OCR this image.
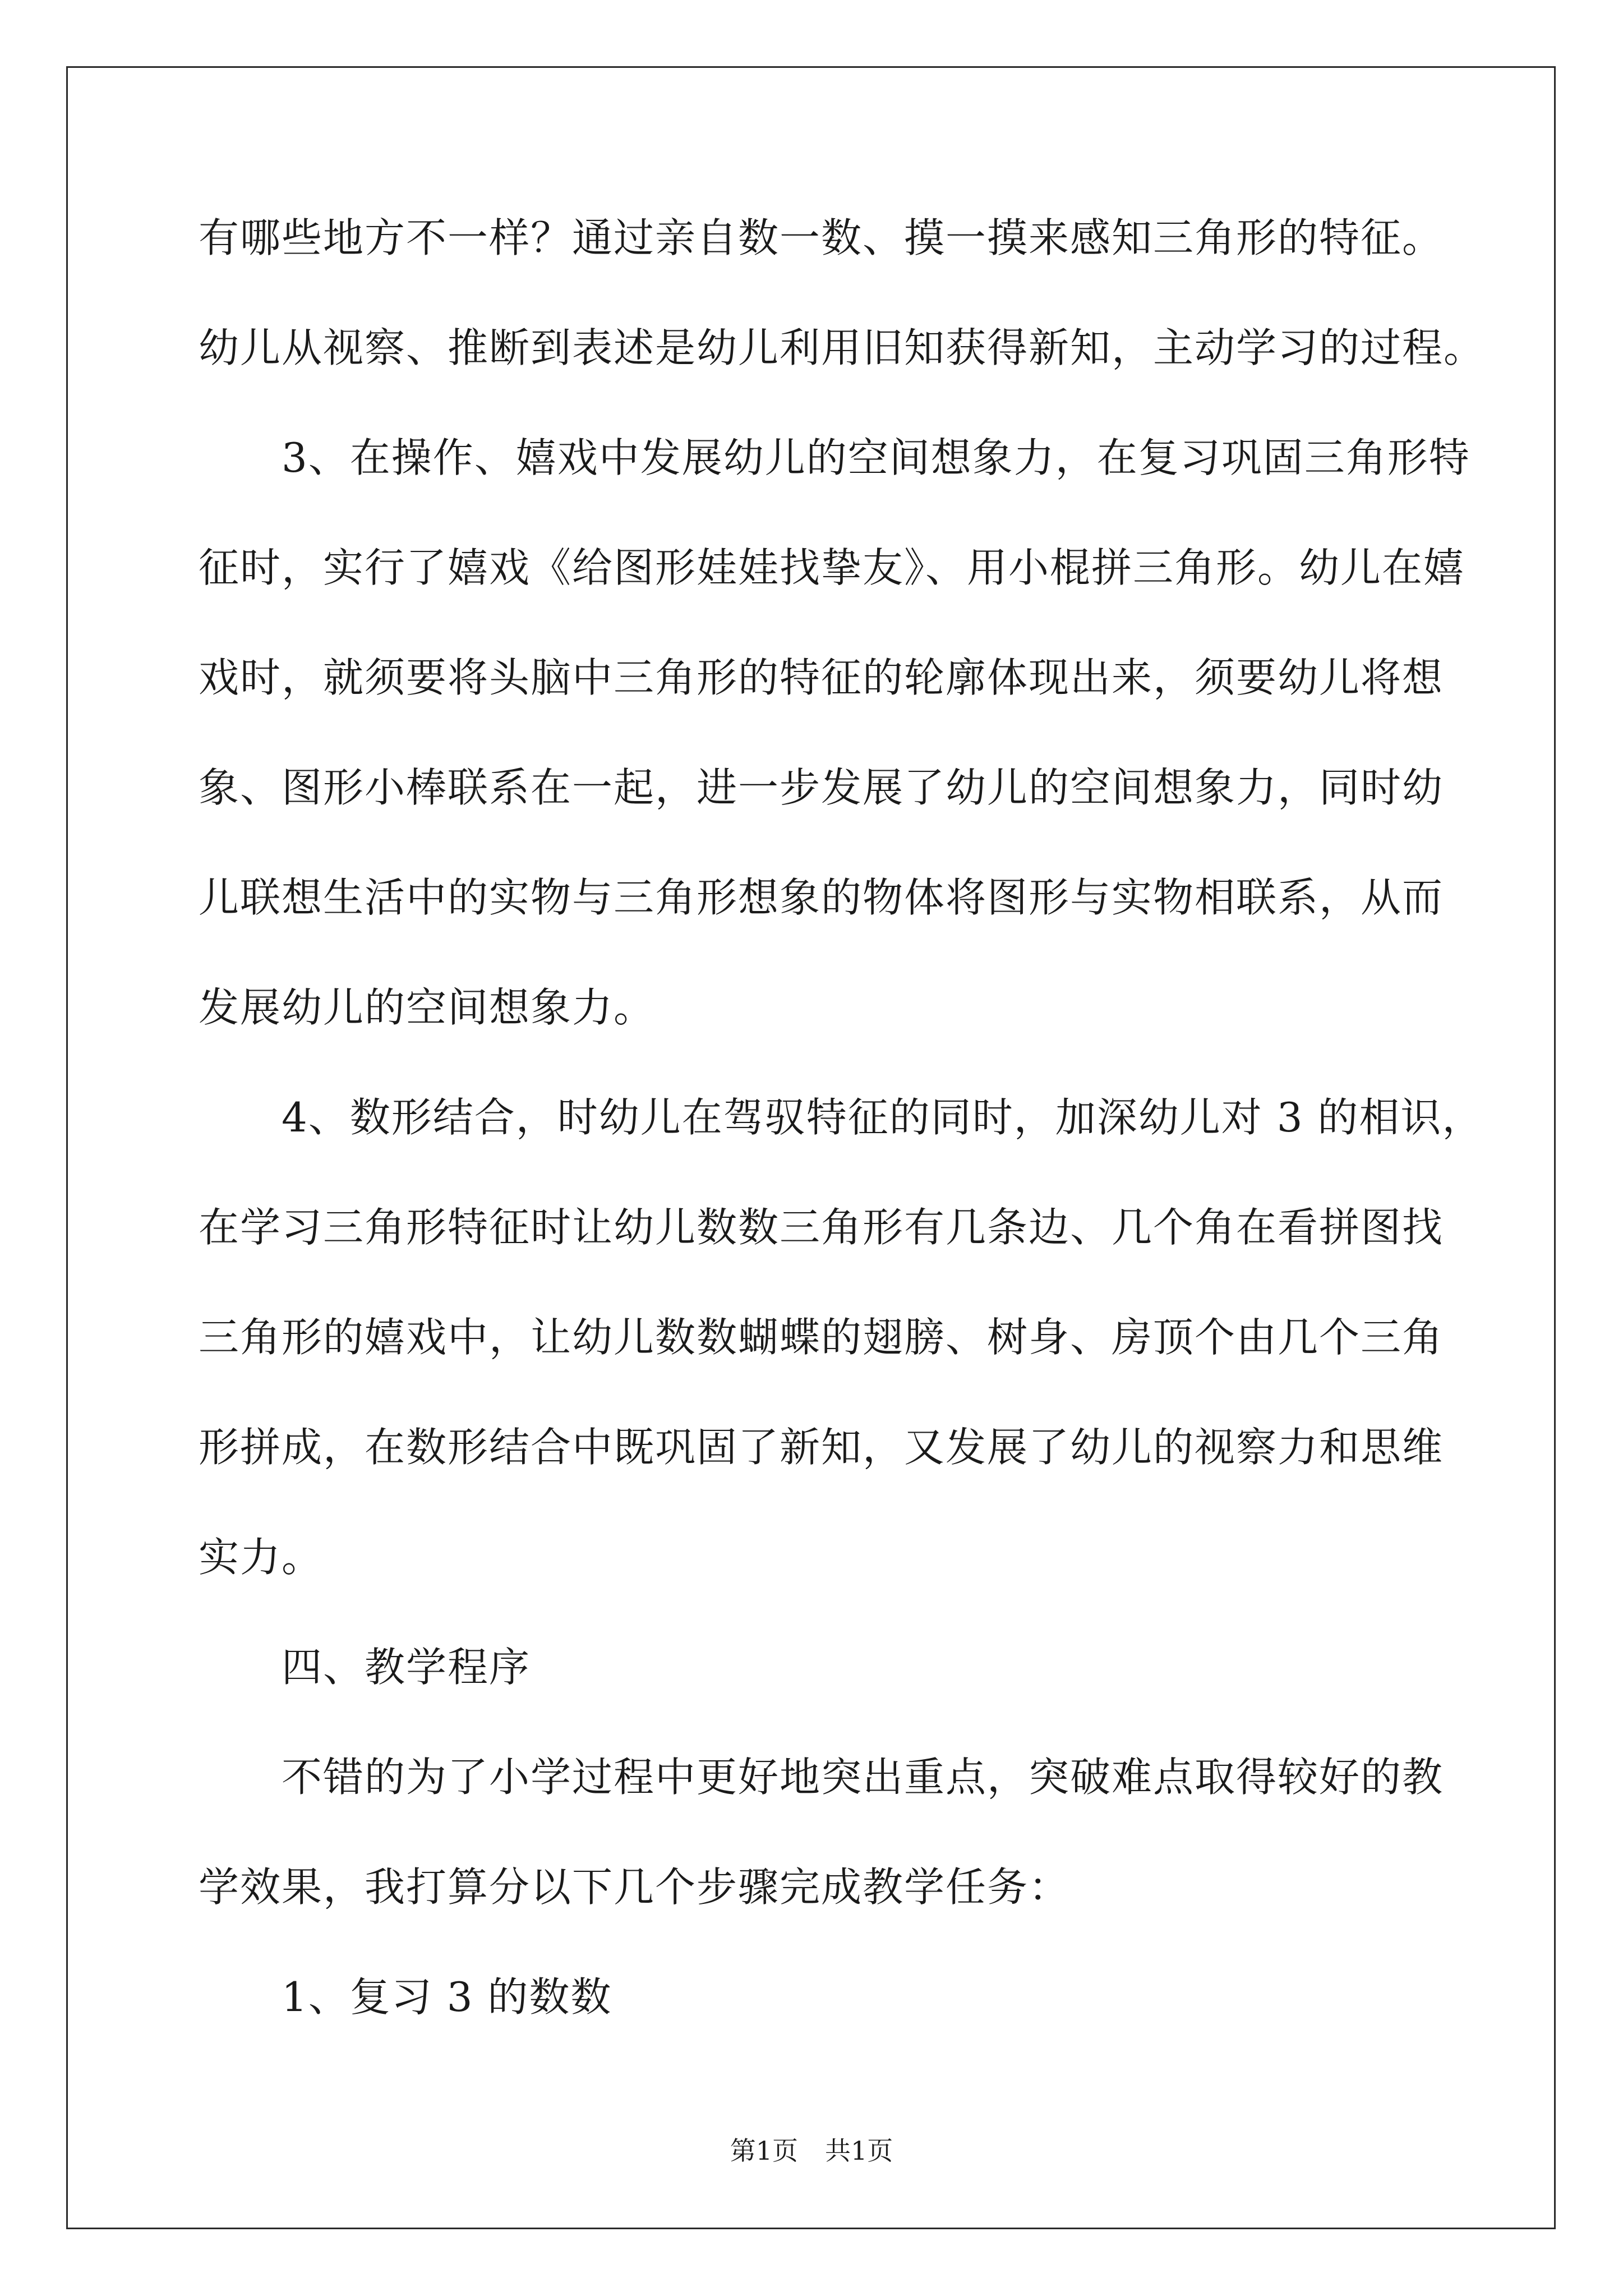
有哪些地方不一样？通过亲自数一数、摸一摸来感知三角形的特征。
幼儿从视察、推断到表述是幼儿利用旧知获得新知，主动学习的过程。
3、在操作、嬉戏中发展幼儿的空间想象力，在复习巩固三角形特
征时，实行了嬉戏《给图形娃娃找挚友》、用小棍拼三角形。幼儿在嬉
戏时，就须要将头脑中三角形的特征的轮廓体现出来，须要幼儿将想
象、图形小棒联系在一起，进一步发展了幼儿的空间想象力，同时幼
儿联想生活中的实物与三角形想象的物体将图形与实物相联系，从而
发展幼儿的空间想象力。
4、数形结合，时幼儿在驾驭特征的同时，加深幼儿对 3 的相识，
在学习三角形特征时让幼儿数数三角形有几条边、几个角在看拼图找
三角形的嬉戏中，让幼儿数数蝴蝶的翅膀、树身、房顶个由几个三角
形拼成，在数形结合中既巩固了新知，又发展了幼儿的视察力和思维
实力。
四、教学程序
不错的为了小学过程中更好地突出重点，突破难点取得较好的教
学效果，我打算分以下几个步骤完成教学任务：
1、复习 3 的数数
第1页 共1页
